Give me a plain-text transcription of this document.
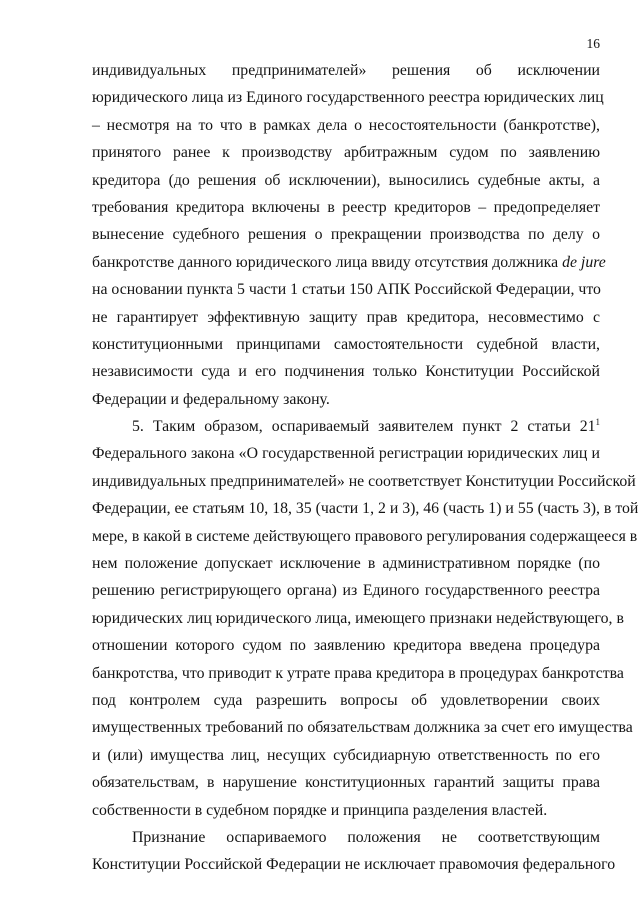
16
индивидуальных предпринимателей» решения об исключении
юридического лица из Единого государственного реестра юридических лиц
– несмотря на то что в рамках дела о несостоятельности (банкротстве),
принятого ранее к производству арбитражным судом по заявлению
кредитора (до решения об исключении), выносились судебные акты, а
требования кредитора включены в реестр кредиторов – предопределяет
вынесение судебного решения о прекращении производства по делу о
банкротстве данного юридического лица ввиду отсутствия должника de jure
на основании пункта 5 части 1 статьи 150 АПК Российской Федерации, что
не гарантирует эффективную защиту прав кредитора, несовместимо с
конституционными принципами самостоятельности судебной власти,
независимости суда и его подчинения только Конституции Российской
Федерации и федеральному закону.
5. Таким образом, оспариваемый заявителем пункт 2 статьи $21^1$
Федерального закона «О государственной регистрации юридических лиц и
индивидуальных предпринимателей» не соответствует Конституции Российской
Федерации, ее статьям 10, 18, 35 (части 1, 2 и 3), 46 (часть 1) и 55 (часть 3), в той
мере, в какой в системе действующего правового регулирования содержащееся в
нем положение допускает исключение в административном порядке (по
решению регистрирующего органа) из Единого государственного реестра
юридических лиц юридического лица, имеющего признаки недействующего, в
отношении которого судом по заявлению кредитора введена процедура
банкротства, что приводит к утрате права кредитора в процедурах банкротства
под контролем суда разрешить вопросы об удовлетворении своих
имущественных требований по обязательствам должника за счет его имущества
и (или) имущества лиц, несущих субсидиарную ответственность по его
обязательствам, в нарушение конституционных гарантий защиты права
собственности в судебном порядке и принципа разделения властей.
Признание оспариваемого положения не соответствующим
Конституции Российской Федерации не исключает правомочия федерального
